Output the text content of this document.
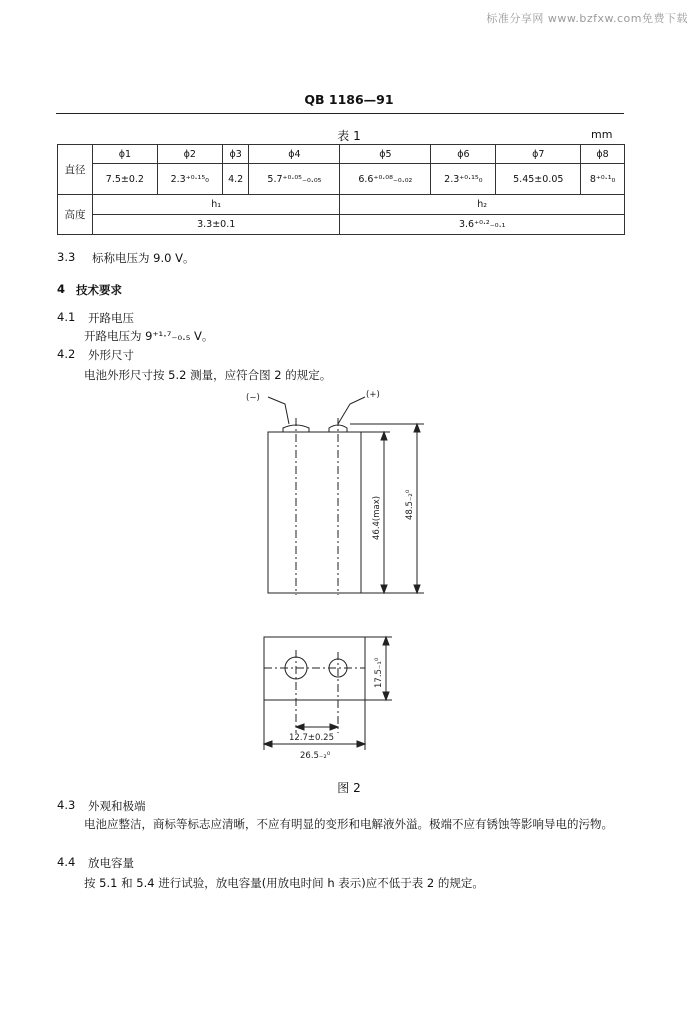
标准分享网 www.bzfxw.com免费下载
QB 1186—91
表 1	mm
直径	ϕ1	ϕ2	ϕ3	ϕ4	ϕ5	ϕ6	ϕ7	ϕ8
	7.5±0.2	2.3⁺⁰·¹⁵₀	4.2	5.7⁺⁰·⁰⁵₋₀.₀₅	6.6⁺⁰·⁰⁸₋₀.₀₂	2.3⁺⁰·¹⁵₀	5.45±0.05	8⁺⁰·¹₀
高度	h₁				h₂			
	3.3±0.1				3.6⁺⁰·²₋₀.₁			
3.3 标称电压为 9.0 V。
4 技术要求
4.1 开路电压
开路电压为 9⁺¹·⁷₋₀.₅ V。
4.2 外形尺寸
电池外形尺寸按 5.2 测量，应符合图 2 的规定。
(−)	(+)
46.4(max)	48.5₋₂⁰
17.5₋₁⁰
12.7±0.25
26.5₋₂⁰
图 2
4.3 外观和极端
电池应整洁，商标等标志应清晰，不应有明显的变形和电解液外溢。极端不应有锈蚀等影响导电的污物。
4.4 放电容量
按 5.1 和 5.4 进行试验，放电容量(用放电时间 h 表示)应不低于表 2 的规定。
